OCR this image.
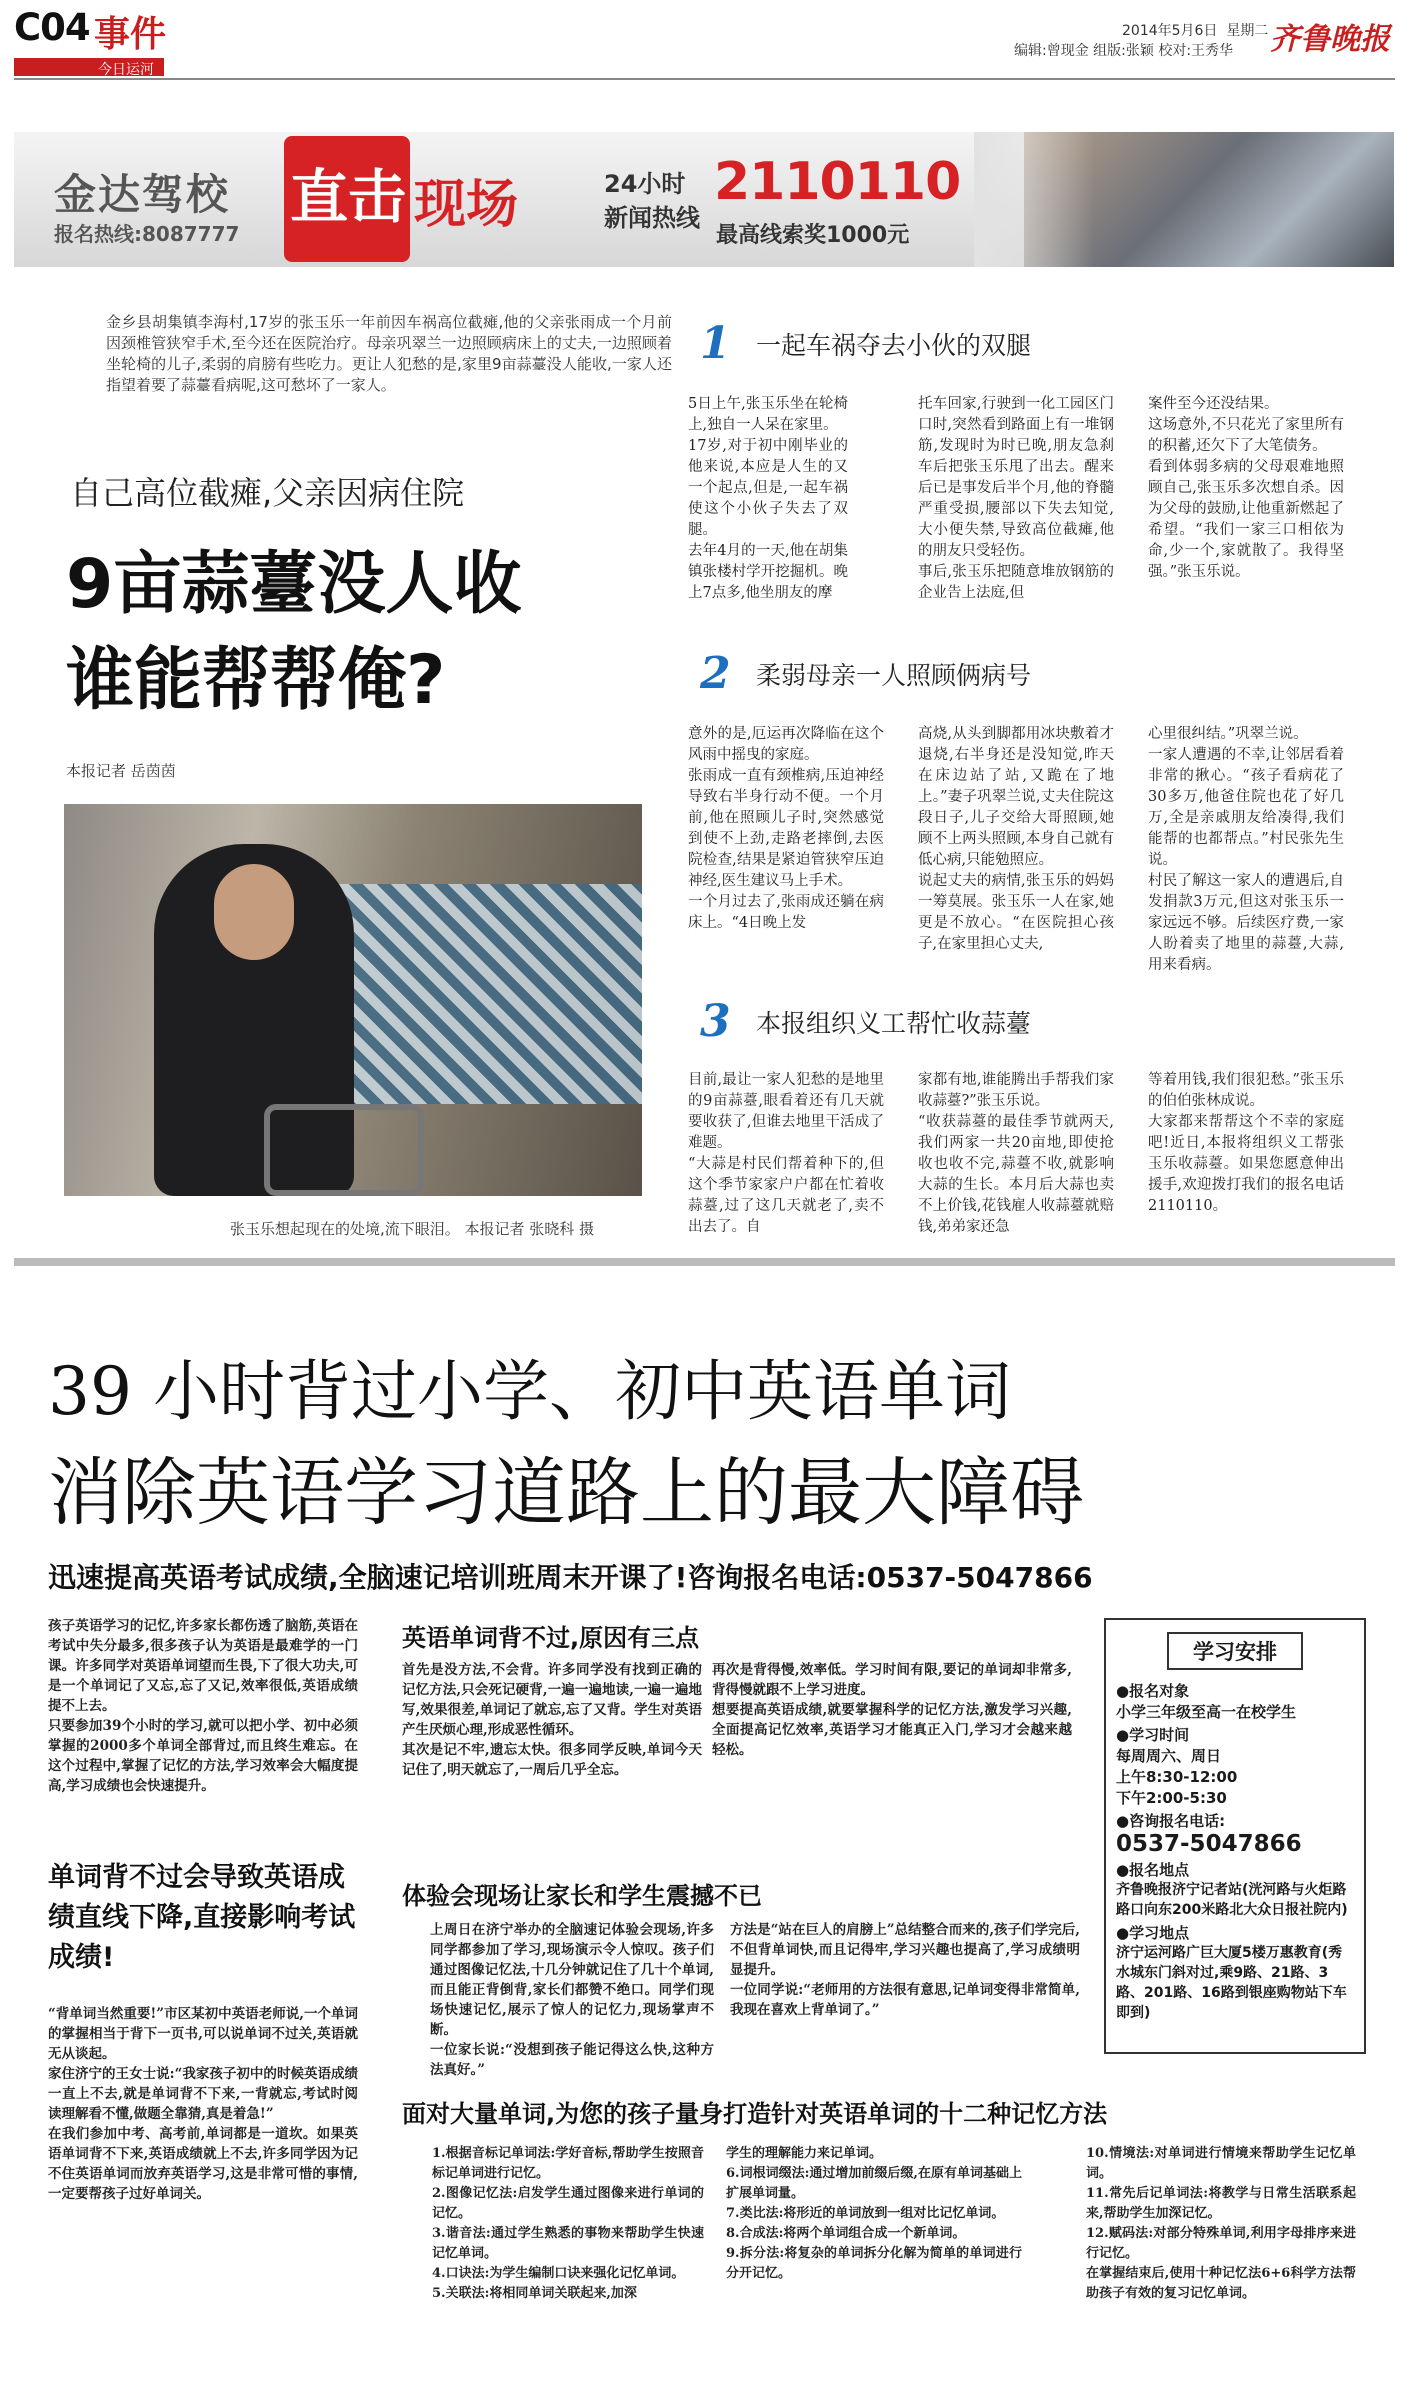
C04 事件
今日运河
2014年5月6日 星期二
编辑:曾现金 组版:张颖 校对:王秀华 齐鲁晚报
金达驾校
报名热线:8087777
直击 现场	24小时
新闻热线
2110110
最高线索奖1000元
金乡县胡集镇李海村,17岁的张玉乐一年前因车祸高位截瘫,他的父亲张雨成一个月前因颈椎管狭窄手术,至今还在医院治疗。母亲巩翠兰一边照顾病床上的丈夫,一边照顾着坐轮椅的儿子,柔弱的肩膀有些吃力。更让人犯愁的是,家里9亩蒜薹没人能收,一家人还指望着要了蒜薹看病呢,这可愁坏了一家人。
自己高位截瘫,父亲因病住院
9亩蒜薹没人收
谁能帮帮俺?
本报记者 岳茵茵
张玉乐想起现在的处境,流下眼泪。 本报记者 张晓科 摄
1	一起车祸夺去小伙的双腿
5日上午,张玉乐坐在轮椅上,独自一人呆在家里。
17岁,对于初中刚毕业的他来说,本应是人生的又一个起点,但是,一起车祸使这个小伙子失去了双腿。
去年4月的一天,他在胡集镇张楼村学开挖掘机。晚上7点多,他坐朋友的摩
托车回家,行驶到一化工园区门口时,突然看到路面上有一堆钢筋,发现时为时已晚,朋友急刹车后把张玉乐甩了出去。醒来后已是事发后半个月,他的脊髓严重受损,腰部以下失去知觉,大小便失禁,导致高位截瘫,他的朋友只受轻伤。
事后,张玉乐把随意堆放钢筋的企业告上法庭,但
案件至今还没结果。
这场意外,不只花光了家里所有的积蓄,还欠下了大笔债务。
看到体弱多病的父母艰难地照顾自己,张玉乐多次想自杀。因为父母的鼓励,让他重新燃起了希望。“我们一家三口相依为命,少一个,家就散了。我得坚强。”张玉乐说。
2	柔弱母亲一人照顾俩病号
意外的是,厄运再次降临在这个风雨中摇曳的家庭。
张雨成一直有颈椎病,压迫神经导致右半身行动不便。一个月前,他在照顾儿子时,突然感觉到使不上劲,走路老摔倒,去医院检查,结果是紧迫管狭窄压迫神经,医生建议马上手术。
一个月过去了,张雨成还躺在病床上。“4日晚上发
高烧,从头到脚都用冰块敷着才退烧,右半身还是没知觉,昨天在床边站了站,又跪在了地上。”妻子巩翠兰说,丈夫住院这段日子,儿子交给大哥照顾,她顾不上两头照顾,本身自己就有低心病,只能勉照应。
说起丈夫的病情,张玉乐的妈妈一筹莫展。张玉乐一人在家,她更是不放心。“在医院担心孩子,在家里担心丈夫,
心里很纠结。”巩翠兰说。
一家人遭遇的不幸,让邻居看着非常的揪心。“孩子看病花了30多万,他爸住院也花了好几万,全是亲戚朋友给凑得,我们能帮的也都帮点。”村民张先生说。
村民了解这一家人的遭遇后,自发捐款3万元,但这对张玉乐一家远远不够。后续医疗费,一家人盼着卖了地里的蒜薹,大蒜,用来看病。
3	本报组织义工帮忙收蒜薹
目前,最让一家人犯愁的是地里的9亩蒜薹,眼看着还有几天就要收获了,但谁去地里干活成了难题。
“大蒜是村民们帮着种下的,但这个季节家家户户都在忙着收蒜薹,过了这几天就老了,卖不出去了。自
家都有地,谁能腾出手帮我们家收蒜薹?”张玉乐说。
“收获蒜薹的最佳季节就两天,我们两家一共20亩地,即使抢收也收不完,蒜薹不收,就影响大蒜的生长。本月后大蒜也卖不上价钱,花钱雇人收蒜薹就赔钱,弟弟家还急
等着用钱,我们很犯愁。”张玉乐的伯伯张林成说。
大家都来帮帮这个不幸的家庭吧!近日,本报将组织义工帮张玉乐收蒜薹。如果您愿意伸出援手,欢迎拨打我们的报名电话2110110。
39 小时背过小学、初中英语单词
消除英语学习道路上的最大障碍
迅速提高英语考试成绩,全脑速记培训班周末开课了!咨询报名电话:0537-5047866
孩子英语学习的记忆,许多家长都伤透了脑筋,英语在考试中失分最多,很多孩子认为英语是最难学的一门课。许多同学对英语单词望而生畏,下了很大功夫,可是一个单词记了又忘,忘了又记,效率很低,英语成绩提不上去。
只要参加39个小时的学习,就可以把小学、初中必须掌握的2000多个单词全部背过,而且终生难忘。在这个过程中,掌握了记忆的方法,学习效率会大幅度提高,学习成绩也会快速提升。
单词背不过会导致英语成绩直线下降,直接影响考试成绩!
“背单词当然重要!”市区某初中英语老师说,一个单词的掌握相当于背下一页书,可以说单词不过关,英语就无从谈起。
家住济宁的王女士说:“我家孩子初中的时候英语成绩一直上不去,就是单词背不下来,一背就忘,考试时阅读理解看不懂,做题全靠猜,真是着急!”
在我们参加中考、高考前,单词都是一道坎。如果英语单词背不下来,英语成绩就上不去,许多同学因为记不住英语单词而放弃英语学习,这是非常可惜的事情,一定要帮孩子过好单词关。
英语单词背不过,原因有三点
首先是没方法,不会背。许多同学没有找到正确的记忆方法,只会死记硬背,一遍一遍地读,一遍一遍地写,效果很差,单词记了就忘,忘了又背。学生对英语产生厌烦心理,形成恶性循环。
其次是记不牢,遗忘太快。很多同学反映,单词今天记住了,明天就忘了,一周后几乎全忘。
再次是背得慢,效率低。学习时间有限,要记的单词却非常多,背得慢就跟不上学习进度。
想要提高英语成绩,就要掌握科学的记忆方法,激发学习兴趣,全面提高记忆效率,英语学习才能真正入门,学习才会越来越轻松。
体验会现场让家长和学生震撼不已
上周日在济宁举办的全脑速记体验会现场,许多同学都参加了学习,现场演示令人惊叹。孩子们通过图像记忆法,十几分钟就记住了几十个单词,而且能正背倒背,家长们都赞不绝口。同学们现场快速记忆,展示了惊人的记忆力,现场掌声不断。
一位家长说:“没想到孩子能记得这么快,这种方法真好。”
方法是“站在巨人的肩膀上”总结整合而来的,孩子们学完后,不但背单词快,而且记得牢,学习兴趣也提高了,学习成绩明显提升。
一位同学说:“老师用的方法很有意思,记单词变得非常简单,我现在喜欢上背单词了。”
面对大量单词,为您的孩子量身打造针对英语单词的十二种记忆方法
1.根据音标记单词法:学好音标,帮助学生按照音标记单词进行记忆。
2.图像记忆法:启发学生通过图像来进行单词的记忆。
3.谐音法:通过学生熟悉的事物来帮助学生快速记忆单词。
4.口诀法:为学生编制口诀来强化记忆单词。
5.关联法:将相同单词关联起来,加深
学生的理解能力来记单词。
6.词根词缀法:通过增加前缀后缀,在原有单词基础上扩展单词量。
7.类比法:将形近的单词放到一组对比记忆单词。
8.合成法:将两个单词组合成一个新单词。
9.拆分法:将复杂的单词拆分化解为简单的单词进行分开记忆。
10.情境法:对单词进行情境来帮助学生记忆单词。
11.常先后记单词法:将教学与日常生活联系起来,帮助学生加深记忆。
12.赋码法:对部分特殊单词,利用字母排序来进行记忆。
在掌握结束后,使用十种记忆法6+6科学方法帮助孩子有效的复习记忆单词。
学习安排
●报名对象
小学三年级至高一在校学生
●学习时间
每周周六、周日
上午8:30-12:00
下午2:00-5:30
●咨询报名电话:
0537-5047866
●报名地点
齐鲁晚报济宁记者站(洸河路与火炬路路口向东200米路北大众日报社院内)
●学习地点
济宁运河路广巨大厦5楼万惠教育(秀水城东门斜对过,乘9路、21路、3路、201路、16路到银座购物站下车即到)
